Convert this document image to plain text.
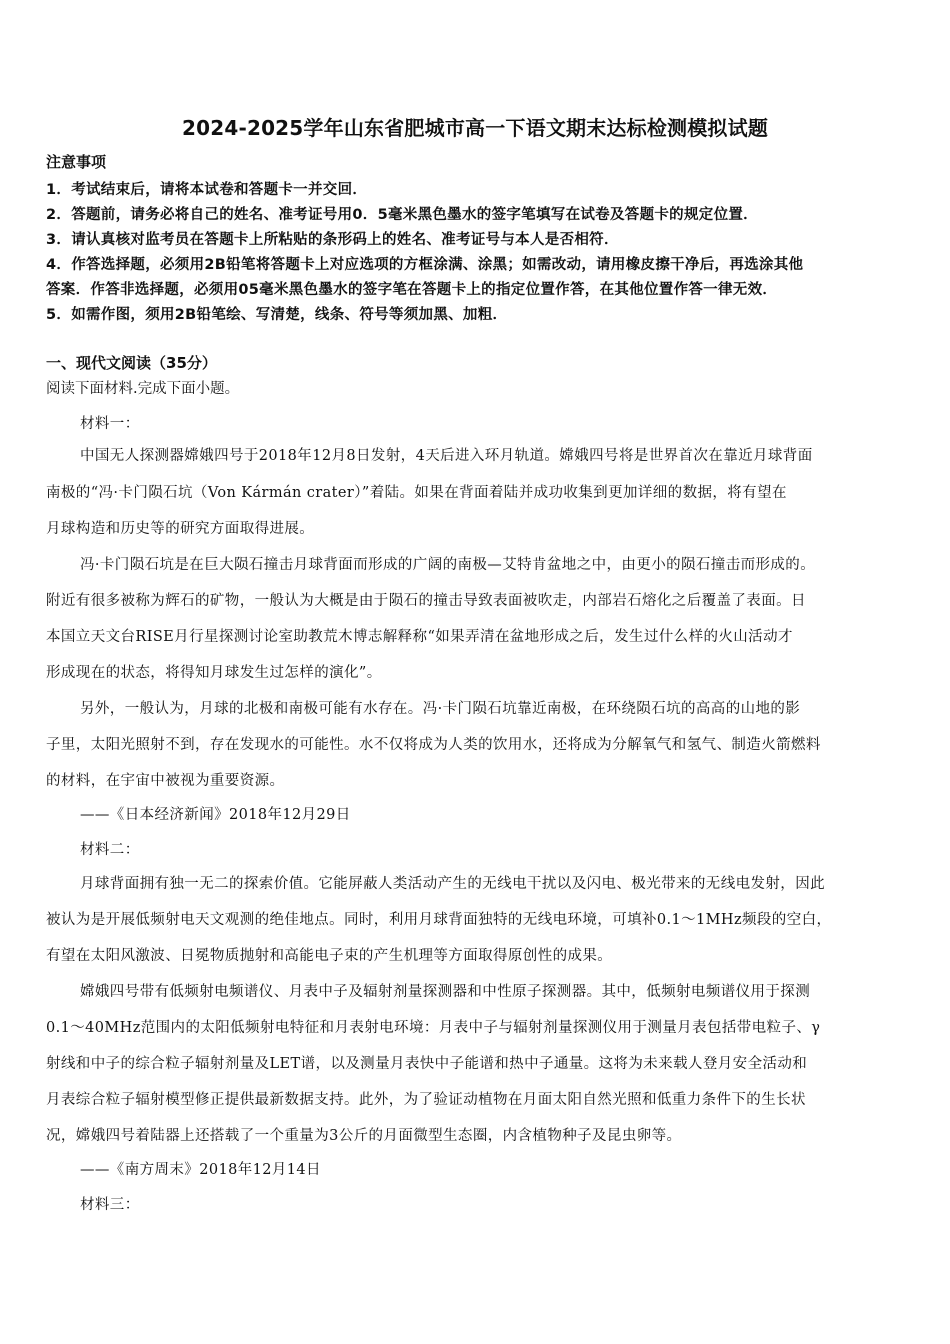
2024-2025学年山东省肥城市高一下语文期末达标检测模拟试题
注意事项
1．考试结束后，请将本试卷和答题卡一并交回．
2．答题前，请务必将自己的姓名、准考证号用0．5毫米黑色墨水的签字笔填写在试卷及答题卡的规定位置．
3．请认真核对监考员在答题卡上所粘贴的条形码上的姓名、准考证号与本人是否相符．
4．作答选择题，必须用2B铅笔将答题卡上对应选项的方框涂满、涂黑；如需改动，请用橡皮擦干净后，再选涂其他
答案．作答非选择题，必须用05毫米黑色墨水的签字笔在答题卡上的指定位置作答，在其他位置作答一律无效．
5．如需作图，须用2B铅笔绘、写清楚，线条、符号等须加黑、加粗．
一、现代文阅读（35分）
阅读下面材料.完成下面小题。
材料一：
中国无人探测器嫦娥四号于2018年12月8日发射，4天后进入环月轨道。嫦娥四号将是世界首次在靠近月球背面
南极的“冯·卡门陨石坑（Von Kármán crater）”着陆。如果在背面着陆并成功收集到更加详细的数据，将有望在
月球构造和历史等的研究方面取得进展。
冯·卡门陨石坑是在巨大陨石撞击月球背面而形成的广阔的南极—艾特肯盆地之中，由更小的陨石撞击而形成的。
附近有很多被称为辉石的矿物，一般认为大概是由于陨石的撞击导致表面被吹走，内部岩石熔化之后覆盖了表面。日
本国立天文台RISE月行星探测讨论室助教荒木博志解释称“如果弄清在盆地形成之后，发生过什么样的火山活动才
形成现在的状态，将得知月球发生过怎样的演化”。
另外，一般认为，月球的北极和南极可能有水存在。冯·卡门陨石坑靠近南极，在环绕陨石坑的高高的山地的影
子里，太阳光照射不到，存在发现水的可能性。水不仅将成为人类的饮用水，还将成为分解氧气和氢气、制造火箭燃料
的材料，在宇宙中被视为重要资源。
——《日本经济新闻》2018年12月29日
材料二：
月球背面拥有独一无二的探索价值。它能屏蔽人类活动产生的无线电干扰以及闪电、极光带来的无线电发射，因此
被认为是开展低频射电天文观测的绝佳地点。同时，利用月球背面独特的无线电环境，可填补0.1～1MHz频段的空白，
有望在太阳风激波、日冕物质抛射和高能电子束的产生机理等方面取得原创性的成果。
嫦娥四号带有低频射电频谱仪、月表中子及辐射剂量探测器和中性原子探测器。其中，低频射电频谱仪用于探测
0.1～40MHz范围内的太阳低频射电特征和月表射电环境：月表中子与辐射剂量探测仪用于测量月表包括带电粒子、γ
射线和中子的综合粒子辐射剂量及LET谱，以及测量月表快中子能谱和热中子通量。这将为未来载人登月安全活动和
月表综合粒子辐射模型修正提供最新数据支持。此外，为了验证动植物在月面太阳自然光照和低重力条件下的生长状
况，嫦娥四号着陆器上还搭载了一个重量为3公斤的月面微型生态圈，内含植物种子及昆虫卵等。
——《南方周末》2018年12月14日
材料三：
